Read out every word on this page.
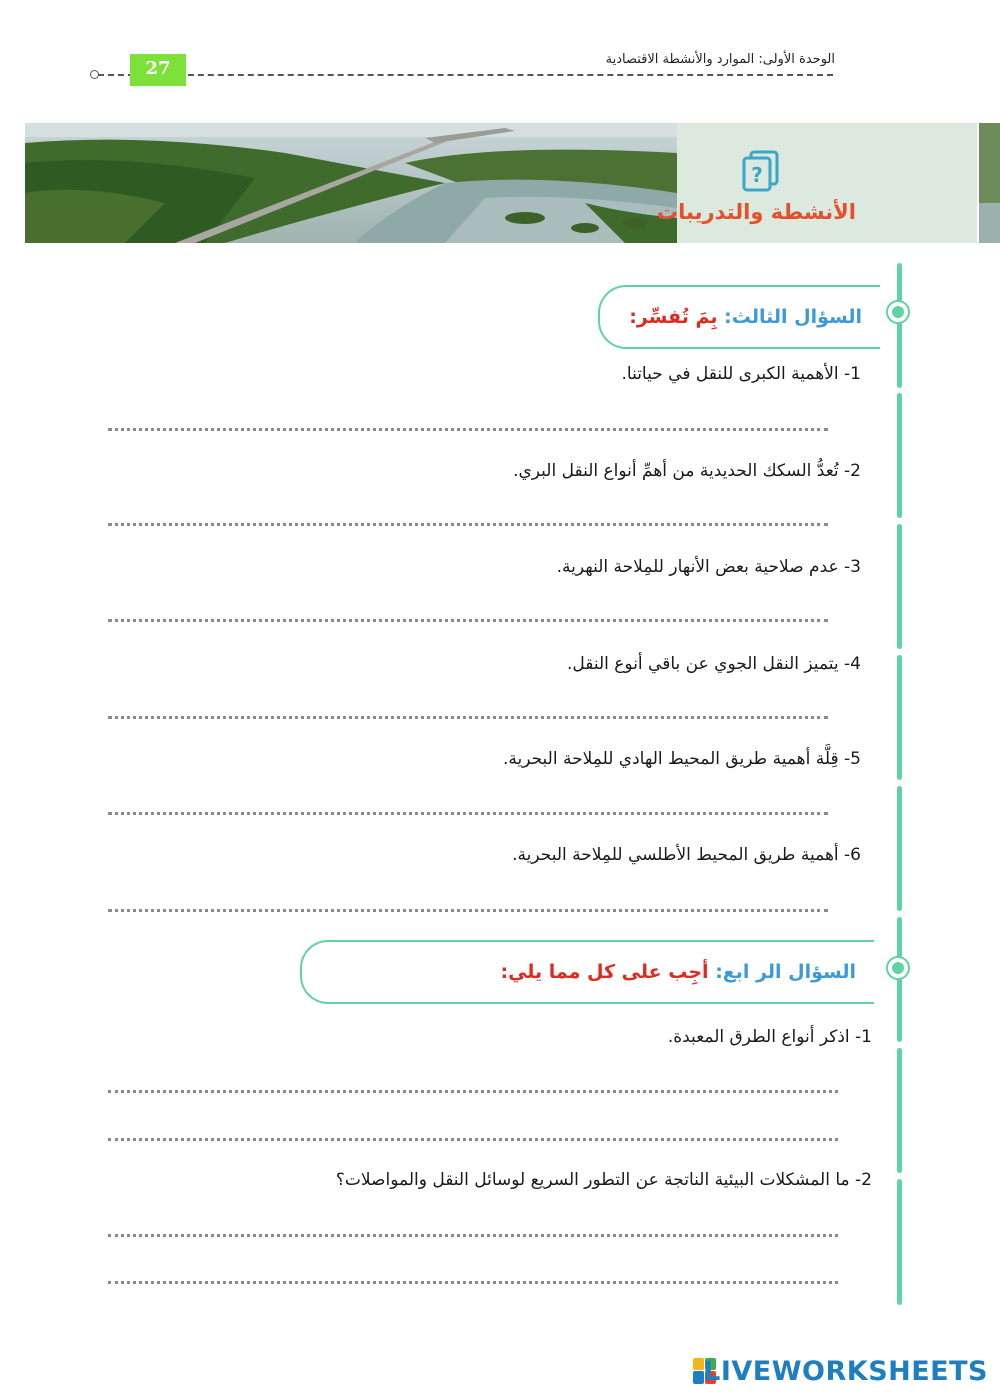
الوحدة الأولى: الموارد والأنشطة الاقتصادية
27
?
الأنشطة والتدريبات
السؤال الثالث: بِمَ تُفسِّر:
1- الأهمية الكبرى للنقل في حياتنا.
2- تُعدُّ السكك الحديدية من أهمِّ أنواع النقل البري.
3- عدم صلاحية بعض الأنهار للمِلاحة النهرية.
4- يتميز النقل الجوي عن باقي أنوع النقل.
5- قِلَّة أهمية طريق المحيط الهادي للمِلاحة البحرية.
6- أهمية طريق المحيط الأطلسي للمِلاحة البحرية.
السؤال الر ابع: أجِب على كل مما يلي:
1- اذكر أنواع الطرق المعبدة.
2- ما المشكلات البيئية الناتجة عن التطور السريع لوسائل النقل والمواصلات؟
LIVEWORKSHEETS
